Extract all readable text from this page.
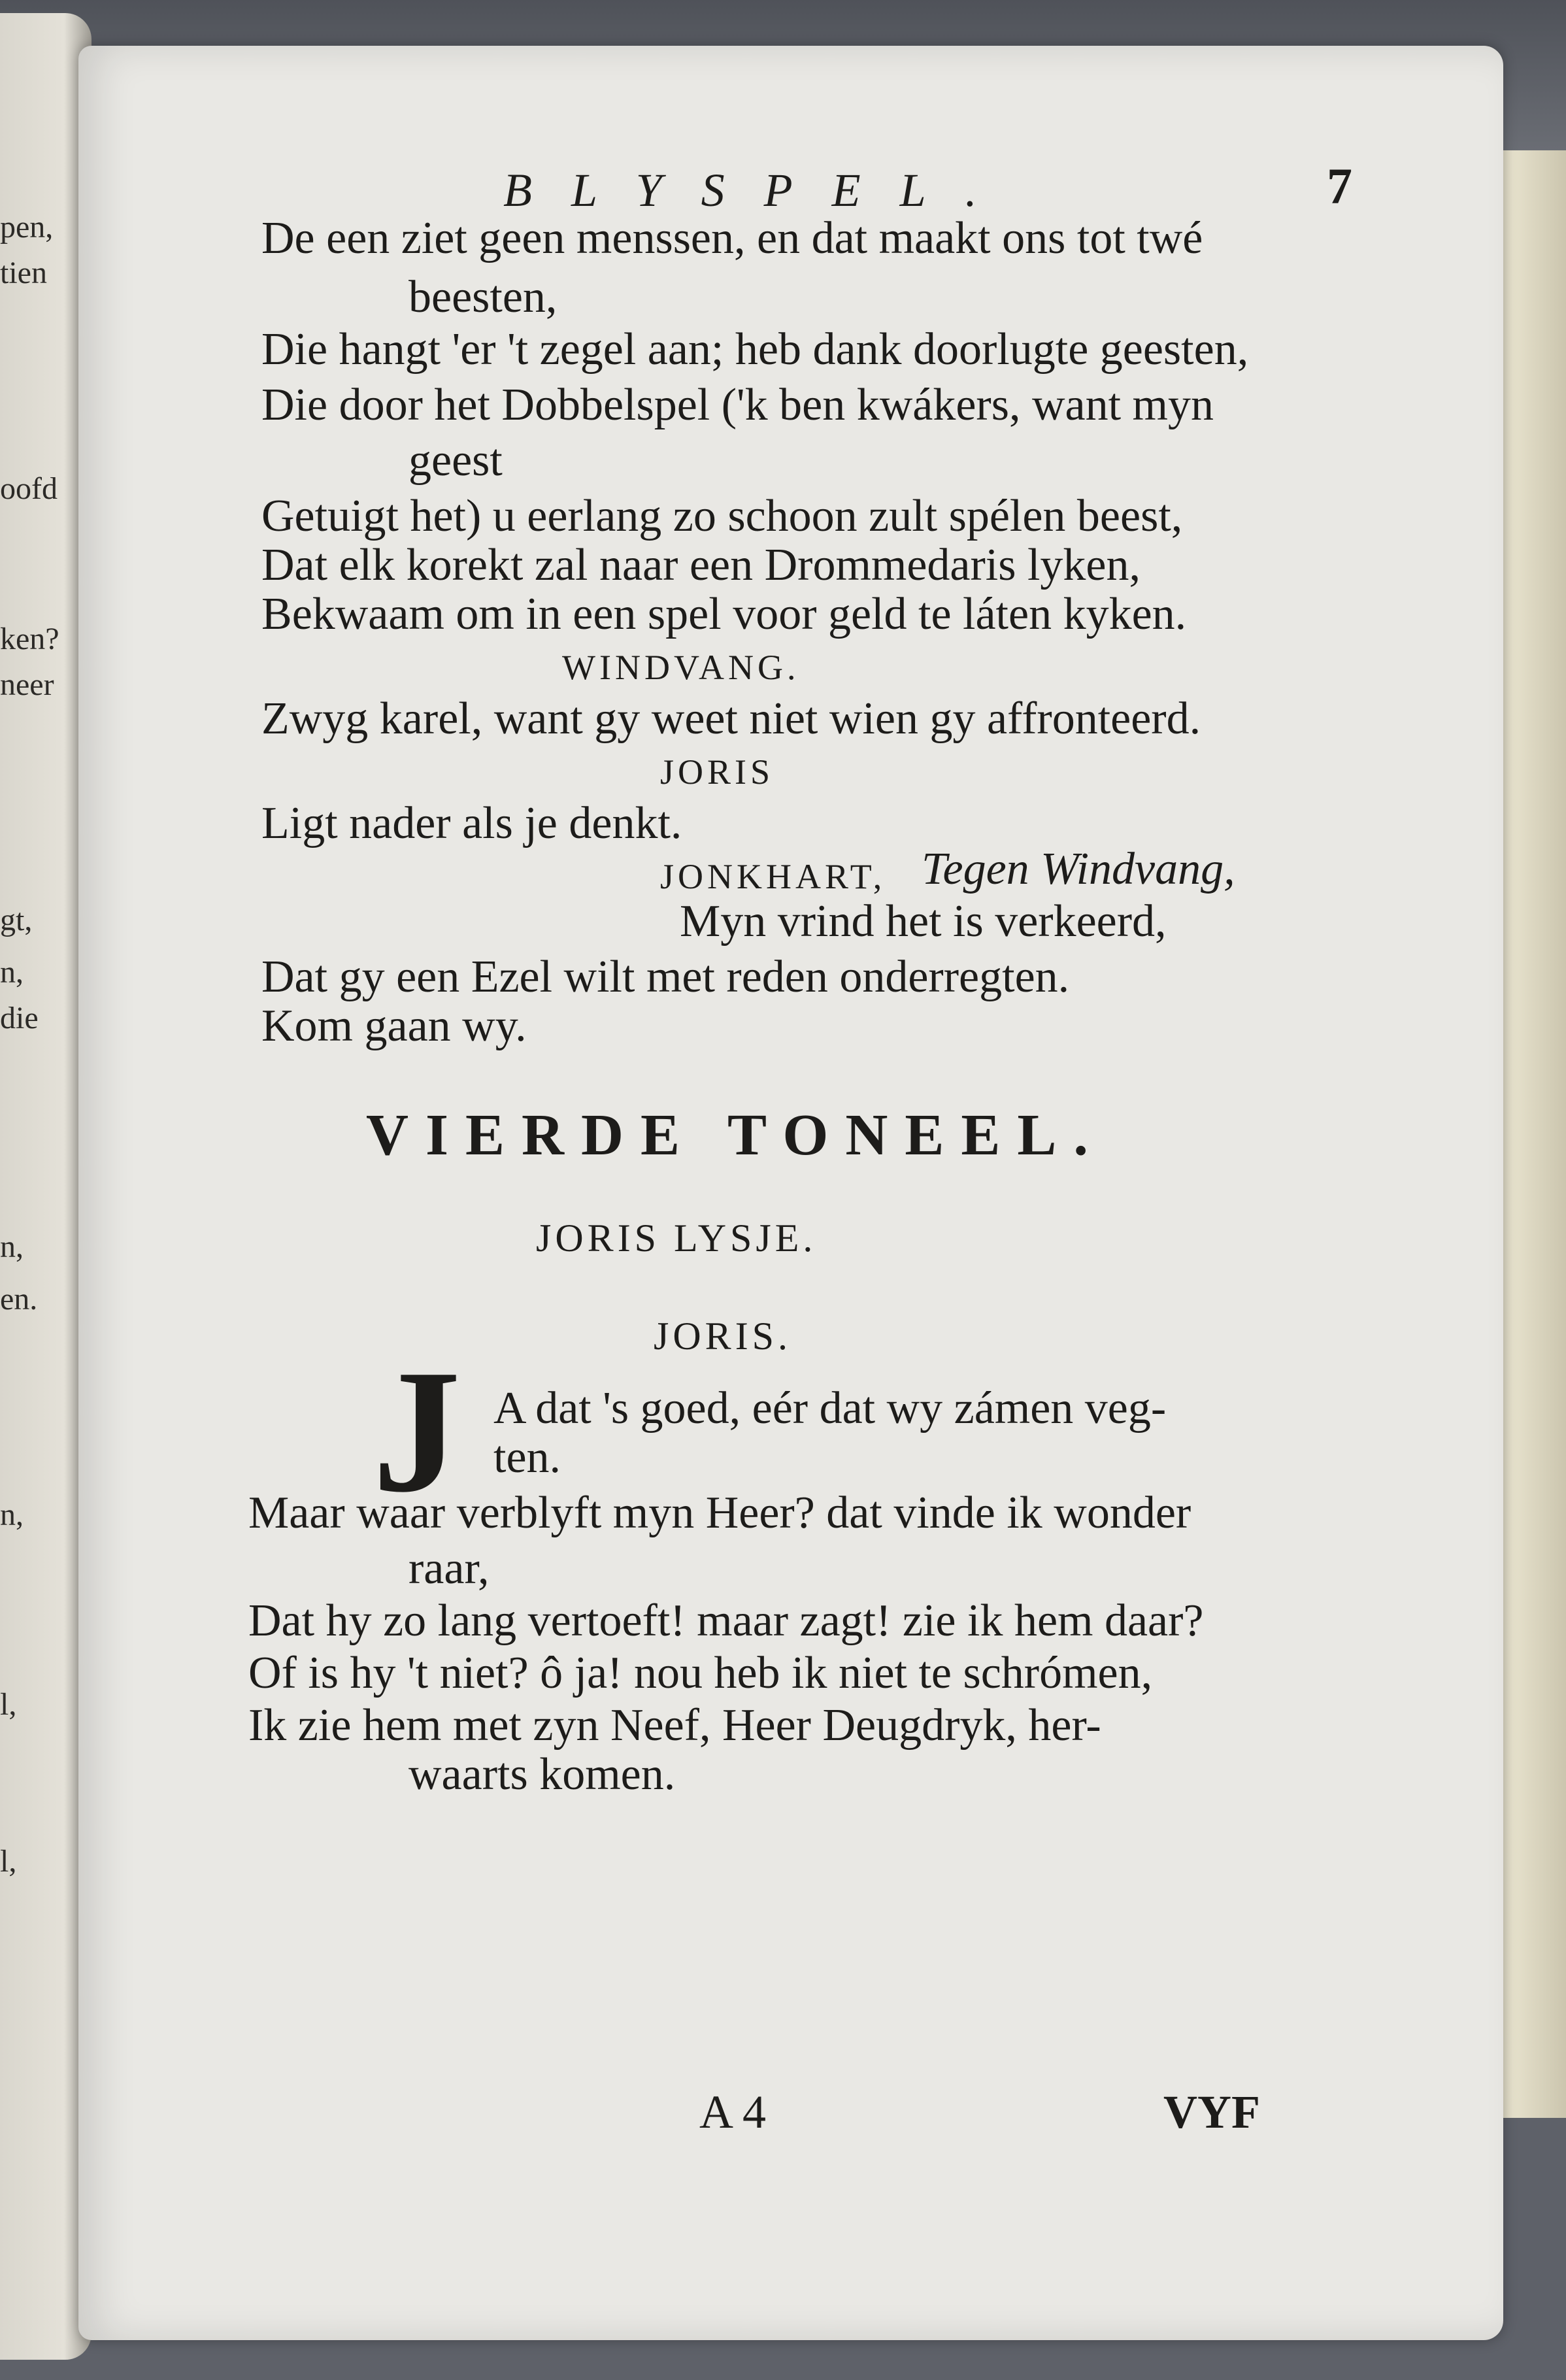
pen,
tien
oofd
ken?
neer
gt,
n,
die
n,
en.
n,
l,
l,
BLYSPEL.	7
De een ziet geen menssen, en dat maakt ons tot twé
beesten,
Die hangt 'er 't zegel aan; heb dank doorlugte geesten,
Die door het Dobbelspel ('k ben kwákers, want myn
geest
Getuigt het) u eerlang zo schoon zult spélen beest,
Dat elk korekt zal naar een Drommedaris lyken,
Bekwaam om in een spel voor geld te láten kyken.
WINDVANG.
Zwyg karel, want gy weet niet wien gy affronteerd.
JORIS
Ligt nader als je denkt.
JONKHART, Tegen Windvang,
Myn vrind het is verkeerd,
Dat gy een Ezel wilt met reden onderregten.
Kom gaan wy.
VIERDE TONEEL.
JORIS LYSJE.
JORIS.
J A dat 's goed, eér dat wy zámen veg-
ten.
Maar waar verblyft myn Heer? dat vinde ik wonder
raar,
Dat hy zo lang vertoeft! maar zagt! zie ik hem daar?
Of is hy 't niet? ô ja! nou heb ik niet te schrómen,
Ik zie hem met zyn Neef, Heer Deugdryk, her-
waarts komen.
A 4	VYF
